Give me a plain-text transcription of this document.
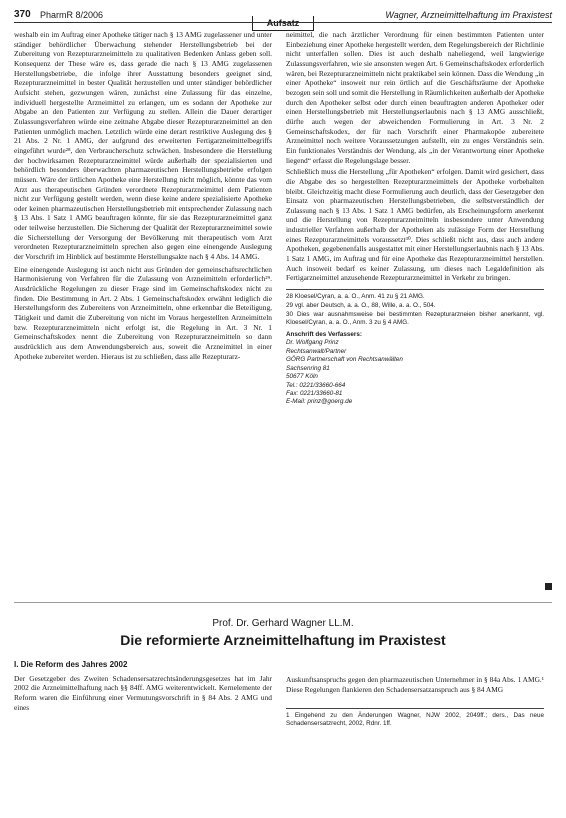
370 PharmR 8/2006
Aufsatz
Wagner, Arzneimittelhaftung im Praxistest

weshalb ein im Auftrag einer Apotheke tätiger nach § 13 AMG zugelassener und unter ständiger behördlicher Überwachung stehender Herstellungsbetrieb bei der Zubereitung von Rezepturarzneimitteln zu qualitativen Bedenken Anlass geben soll. Konsequenz der These wäre es, dass gerade die nach § 13 AMG zugelassenen Herstellungsbetriebe, die infolge ihrer Ausstattung besonders geeignet sind, Rezepturarzneimittel in bester Qualität herzustellen und unter ständiger behördlicher Aufsicht stehen, gezwungen wären, zunächst eine Zulassung für das einzelne, individuell hergestellte Arzneimittel zu erlangen, um es sodann der Apotheke zur Abgabe an den Patienten zur Verfügung zu stellen. Allein die Dauer derartiger Zulassungsverfahren würde eine zeitnahe Abgabe dieser Rezepturarzneimittel an den Patienten unmöglich machen. Letztlich würde eine derart restriktive Auslegung des § 21 Abs. 2 Nr. 1 AMG, der aufgrund des erweiterten Fertigarzneimittelbegriffs eingeführt wurde²⁸, den Verbraucherschutz schwächen. Insbesondere die Herstellung der hochwirksamen Rezepturarzneimittel würde außerhalb der spezialisierten und behördlich besonders überwachten pharmazeutischen Herstellungsbetriebe erfolgen müssen. Wäre der örtlichen Apotheke eine Herstellung nicht möglich, könnte das vom Arzt aus therapeutischen Gründen verordnete Rezepturarzneimittel dem Patienten nicht zur Verfügung gestellt werden, wenn diese keine andere spezialisierte Apotheke oder keinen pharmazeutischen Herstellungsbetrieb mit entsprechender Zulassung nach § 13 Abs. 1 Satz 1 AMG beauftragen könnte, für sie das Rezepturarzneimittel ganz oder teilweise herzustellen. Die Sicherung der Qualität der Rezepturarzneimittel sowie die Sicherstellung der Versorgung der Bevölkerung mit therapeutisch vom Arzt verordneten Rezepturarzneimitteln sprechen also gegen eine einengende Auslegung der Vorschrift im Hinblick auf bestimmte Herstellungsakte nach § 4 Abs. 14 AMG.

Eine einengende Auslegung ist auch nicht aus Gründen der gemeinschaftsrechtlichen Harmonisierung von Verfahren für die Zulassung von Arzneimitteln erforderlich²⁹. Ausdrückliche Regelungen zu dieser Frage sind im Gemeinschaftskodex nicht zu finden. Die Bestimmung in Art. 2 Abs. 1 Gemeinschaftskodex erwähnt lediglich die Herstellungsform des Zubereitens von Arzneimitteln, ohne erkennbar die Beteiligung, Tätigkeit und damit die Zubereitung von nicht im Voraus hergestellten Arzneimitteln bzw. Rezepturarzneimitteln nicht erfolgt ist, die Regelung in Art. 3 Nr. 1 Gemeinschaftskodex nennt die Zubereitung von Rezepturarzneimitteln so dann ausdrücklich aus dem Anwendungsbereich aus, soweit die Arzneimittel in einer Apotheke zubereitet werden. Hieraus ist zu schließen, dass alle Rezepturarz-

neimittel, die nach ärztlicher Verordnung für einen bestimmten Patienten unter Einbeziehung einer Apotheke hergestellt werden, dem Regelungsbereich der Richtlinie nicht unterfallen sollen. Dies ist auch deshalb naheliegend, weil langwierige Zulassungsverfahren, wie sie ansonsten wegen Art. 6 Gemeinschaftskodex erforderlich wären, bei Rezepturarzneimitteln nicht praktikabel sein können. Dass die Wendung „in einer Apotheke“ insoweit nur rein örtlich auf die Geschäftsräume der Apotheke bezogen sein soll und somit die Herstellung in Räumlichkeiten außerhalb der Apotheke durch den Apotheker selbst oder durch einen beauftragten anderen Apotheker oder einen Herstellungsbetrieb mit Herstellungserlaubnis nach § 13 AMG ausschließt, dürfte auch wegen der abweichenden Formulierung in Art. 3 Nr. 2 Gemeinschaftskodex, der für nach Vorschrift einer Pharmakopöe zubereitete Arzneimittel noch weitere Voraussetzungen aufstellt, ein zu enges Verständnis sein. Ein funktionales Verständnis der Wendung, als „in der Verantwortung einer Apotheke liegend“ erfasst die Regelungslage besser.

Schließlich muss die Herstellung „für Apotheken“ erfolgen. Damit wird gesichert, dass die Abgabe des so hergestellten Rezepturarzneimittels der Apotheke vorbehalten bleibt. Gleichzeitig macht diese Formulierung auch deutlich, dass der Gesetzgeber den Einsatz von pharmazeutischen Herstellungsbetrieben, die selbstverständlich der Zulassung nach § 13 Abs. 1 Satz 1 AMG bedürfen, als Erscheinungsform anerkennt und die Herstellung von Rezepturarzneimitteln insbesondere unter Anwendung industrieller Verfahren außerhalb der Apotheken als zulässige Form der Herstellung eines Rezepturarzneimittels voraussetzt³⁰. Dies schließt nicht aus, dass auch andere Apotheken, gegebenenfalls ausgestattet mit einer Herstellungserlaubnis nach § 13 Abs. 1 Satz 1 AMG, im Auftrag und für eine Apotheke das Rezepturarzneimittel herstellen. Auch insoweit bedarf es keiner Zulassung, um dieses nach Legaldefinition als Fertigarzneimittel anzusehende Rezepturarzneimittel in Verkehr zu bringen.

28 Kloesel/Cyran, a. a. O., Anm. 41 zu § 21 AMG.
29 vgl. aber Deutsch, a. a. O., 88, Wille, a. a. O., 504.
30 Dies war ausnahmsweise bei bestimmten Rezepturarzneien bisher anerkannt, vgl. Kloesel/Cyran, a. a. O., Anm. 3 zu § 4 AMG.
Anschrift des Verfassers:
Dr. Wolfgang Prinz
Rechtsanwalt/Partner
GÖRG Partnerschaft von Rechtsanwälten
Sachsenring 81
50677 Köln
Tel.: 0221/33660-664
Fax: 0221/33660-81
E-Mail: prinz@goerg.de
Prof. Dr. Gerhard Wagner LL.M.
Die reformierte Arzneimittelhaftung im Praxistest
I. Die Reform des Jahres 2002
Der Gesetzgeber des Zweiten Schadensersatzrechtsänderungsgesetzes hat im Jahr 2002 die Arzneimittelhaftung nach §§ 84ff. AMG weiterentwickelt. Kernelemente der Reform waren die Einführung einer Vermutungsvorschrift in § 84 Abs. 2 AMG und eines
Auskunftsanspruchs gegen den pharmazeutischen Unternehmer in § 84a Abs. 1 AMG.¹ Diese Regelungen flankieren den Schadensersatzanspruch aus § 84 AMG
1 Eingehend zu den Änderungen Wagner, NJW 2002, 2049ff.; ders., Das neue Schadensersatzrecht, 2002, Rdnr. 1ff.
